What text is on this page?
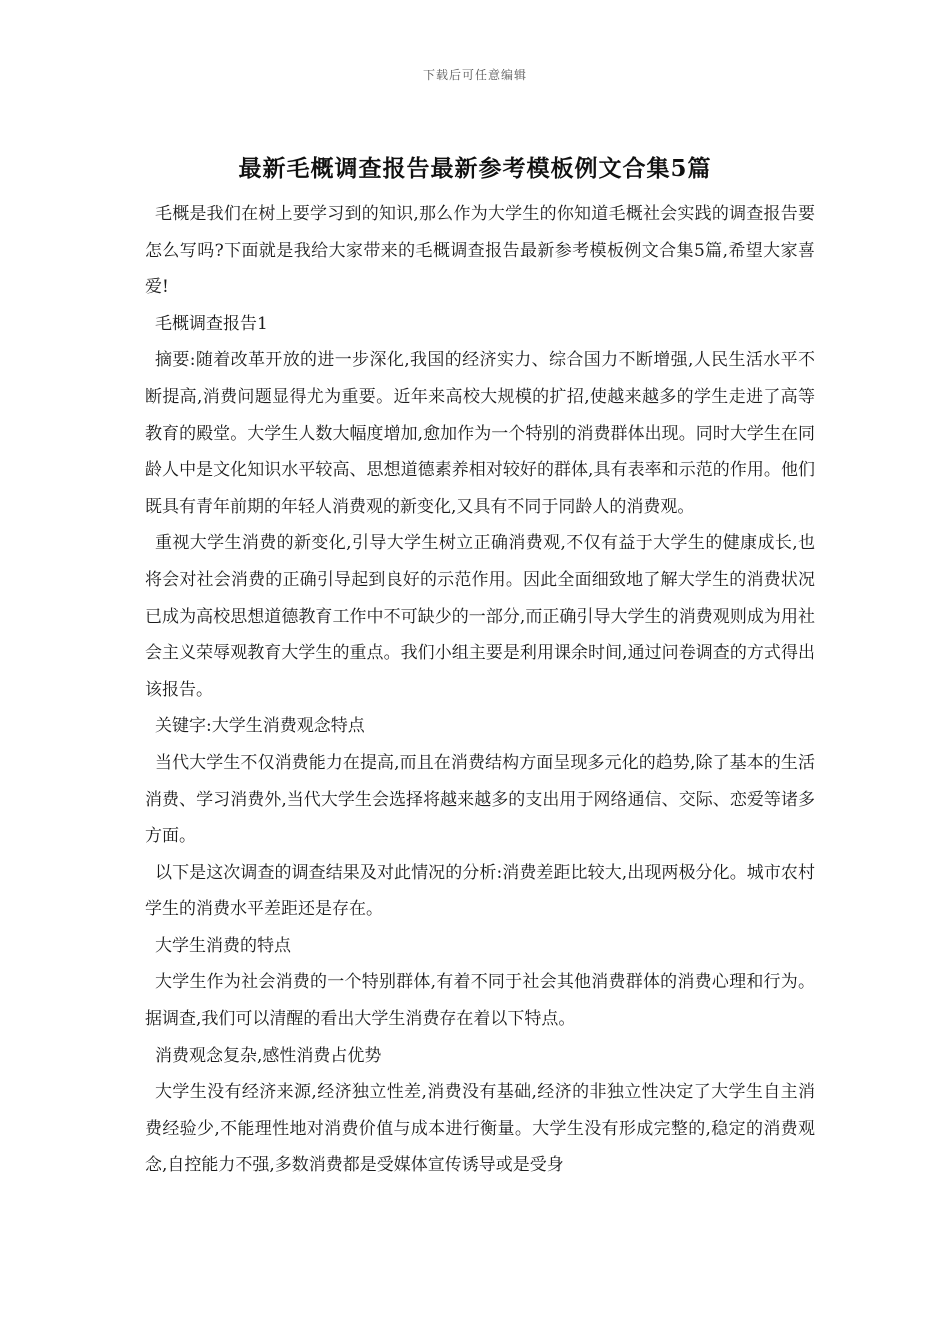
下载后可任意编辑
最新毛概调查报告最新参考模板例文合集5篇

毛概是我们在树上要学习到的知识,那么作为大学生的你知道毛概社会实践的调查报告要怎么写吗?下面就是我给大家带来的毛概调查报告最新参考模板例文合集5篇,希望大家喜爱!

毛概调查报告1

摘要:随着改革开放的进一步深化,我国的经济实力、综合国力不断增强,人民生活水平不断提高,消费问题显得尤为重要。近年来高校大规模的扩招,使越来越多的学生走进了高等教育的殿堂。大学生人数大幅度增加,愈加作为一个特别的消费群体出现。同时大学生在同龄人中是文化知识水平较高、思想道德素养相对较好的群体,具有表率和示范的作用。他们既具有青年前期的年轻人消费观的新变化,又具有不同于同龄人的消费观。

重视大学生消费的新变化,引导大学生树立正确消费观,不仅有益于大学生的健康成长,也将会对社会消费的正确引导起到良好的示范作用。因此全面细致地了解大学生的消费状况已成为高校思想道德教育工作中不可缺少的一部分,而正确引导大学生的消费观则成为用社会主义荣辱观教育大学生的重点。我们小组主要是利用课余时间,通过问卷调查的方式得出该报告。

关键字:大学生消费观念特点

当代大学生不仅消费能力在提高,而且在消费结构方面呈现多元化的趋势,除了基本的生活消费、学习消费外,当代大学生会选择将越来越多的支出用于网络通信、交际、恋爱等诸多方面。

以下是这次调查的调查结果及对此情况的分析:消费差距比较大,出现两极分化。城市农村学生的消费水平差距还是存在。

大学生消费的特点

大学生作为社会消费的一个特别群体,有着不同于社会其他消费群体的消费心理和行为。据调查,我们可以清醒的看出大学生消费存在着以下特点。

消费观念复杂,感性消费占优势

大学生没有经济来源,经济独立性差,消费没有基础,经济的非独立性决定了大学生自主消费经验少,不能理性地对消费价值与成本进行衡量。大学生没有形成完整的,稳定的消费观念,自控能力不强,多数消费都是受媒体宣传诱导或是受身
